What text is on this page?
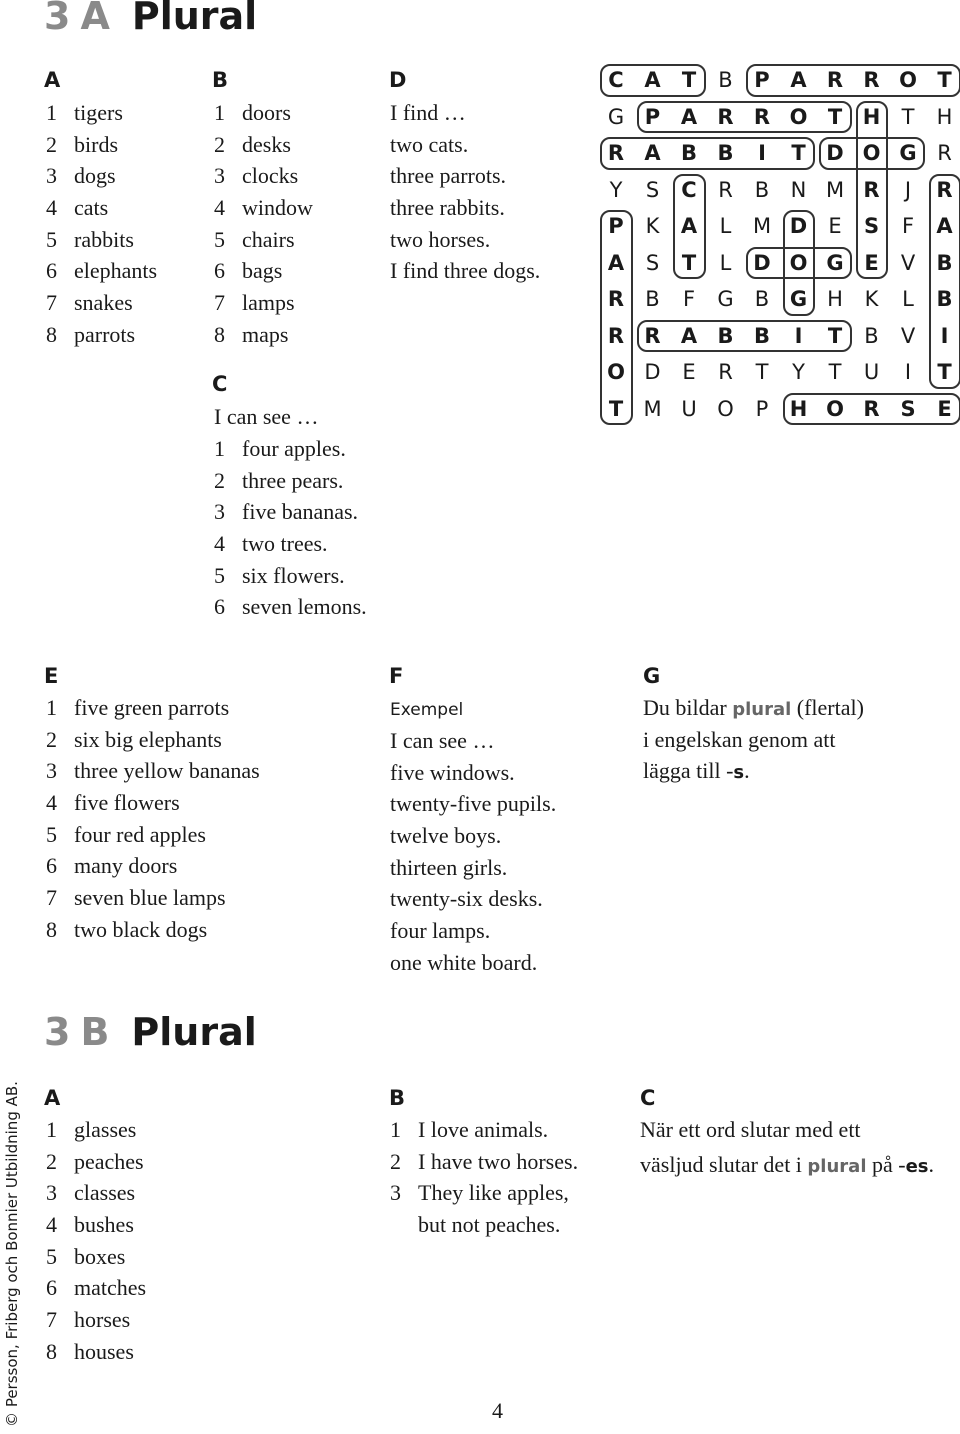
3 A Plural
A
1 tigers
2 birds
3 dogs
4 cats
5 rabbits
6 elephants
7 snakes
8 parrots
B
1 doors
2 desks
3 clocks
4 window
5 chairs
6 bags
7 lamps
8 maps
C
I can see …
1 four apples.
2 three pears.
3 five bananas.
4 two trees.
5 six flowers.
6 seven lemons.
D
I find …
two cats.
three parrots.
three rabbits.
two horses.
I find three dogs.
C A	T	B	P A R R O T
G P A R R O T H	T	H
R A B B	I	T D O G R
Y	S	C	R	B	N M R	J	R
P	K	A	L	M D	E	S	F	A
A	S	T	L	D O G E	V	B
R	B	F	G	B G H	K	L	B
R R A B B	I	T	B	V	I
O D	E	R	T	Y	T	U	I	T
T M U O	P	H O R S	E
E
1 five green parrots
2 six big elephants
3 three yellow bananas
4 five flowers
5 four red apples
6 many doors
7 seven blue lamps
8 two black dogs
F
Exempel
I can see …
five windows.
twenty-five pupils.
twelve boys.
thirteen girls.
twenty-six desks.
four lamps.
one white board.
G
Du bildar plural (flertal)
i engelskan genom att
lägga till -s.
3 B Plural
A
1 glasses
2 peaches
3 classes
4 bushes
5 boxes
6 matches
7 horses
8 houses
B
1 I love animals.
2 I have two horses.
3 They like apples,
but not peaches.
C
När ett ord slutar med ett
väsljud slutar det i plural på -es.
© Persson, Friberg och Bonnier Utbildning AB.	4
